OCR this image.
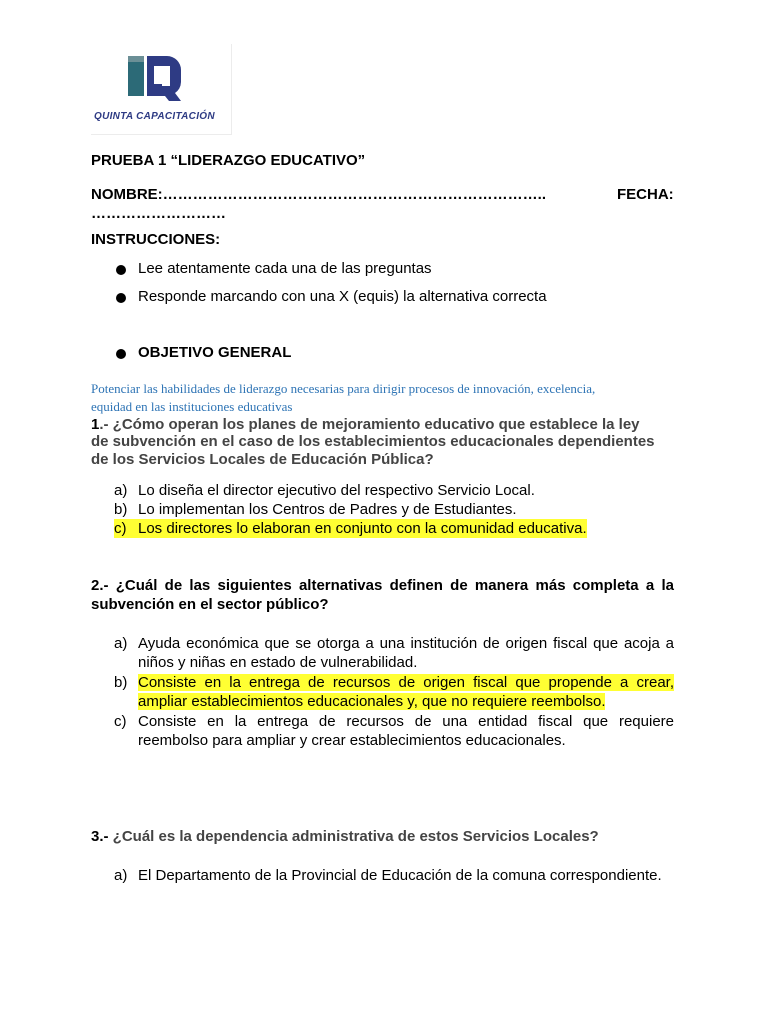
QUINTA CAPACITACIÓN
PRUEBA 1 “LIDERAZGO EDUCATIVO”
NOMBRE:…………………………………………………………………..	FECHA:
………………………
INSTRUCCIONES:
Lee atentamente cada una de las preguntas
Responde marcando con una X (equis) la alternativa correcta
OBJETIVO GENERAL
Potenciar las habilidades de liderazgo necesarias para dirigir procesos de innovación, excelencia,
equidad en las instituciones educativas
1.- ¿Cómo operan los planes de mejoramiento educativo que establece la ley
de subvención en el caso de los establecimientos educacionales dependientes
de los Servicios Locales de Educación Pública?
a) Lo diseña el director ejecutivo del respectivo Servicio Local.
b) Lo implementan los Centros de Padres y de Estudiantes.
c) Los directores lo elaboran en conjunto con la comunidad educativa.
2.- ¿Cuál de las siguientes alternativas definen de manera más completa a la subvención en el sector público?
a) Ayuda económica que se otorga a una institución de origen fiscal que acoja a niños y niñas en estado de vulnerabilidad.
b) Consiste en la entrega de recursos de origen fiscal que propende a crear, ampliar establecimientos educacionales y, que no requiere reembolso.
c) Consiste en la entrega de recursos de una entidad fiscal que requiere reembolso para ampliar y crear establecimientos educacionales.
3.- ¿Cuál es la dependencia administrativa de estos Servicios Locales?
a) El Departamento de la Provincial de Educación de la comuna correspondiente.
